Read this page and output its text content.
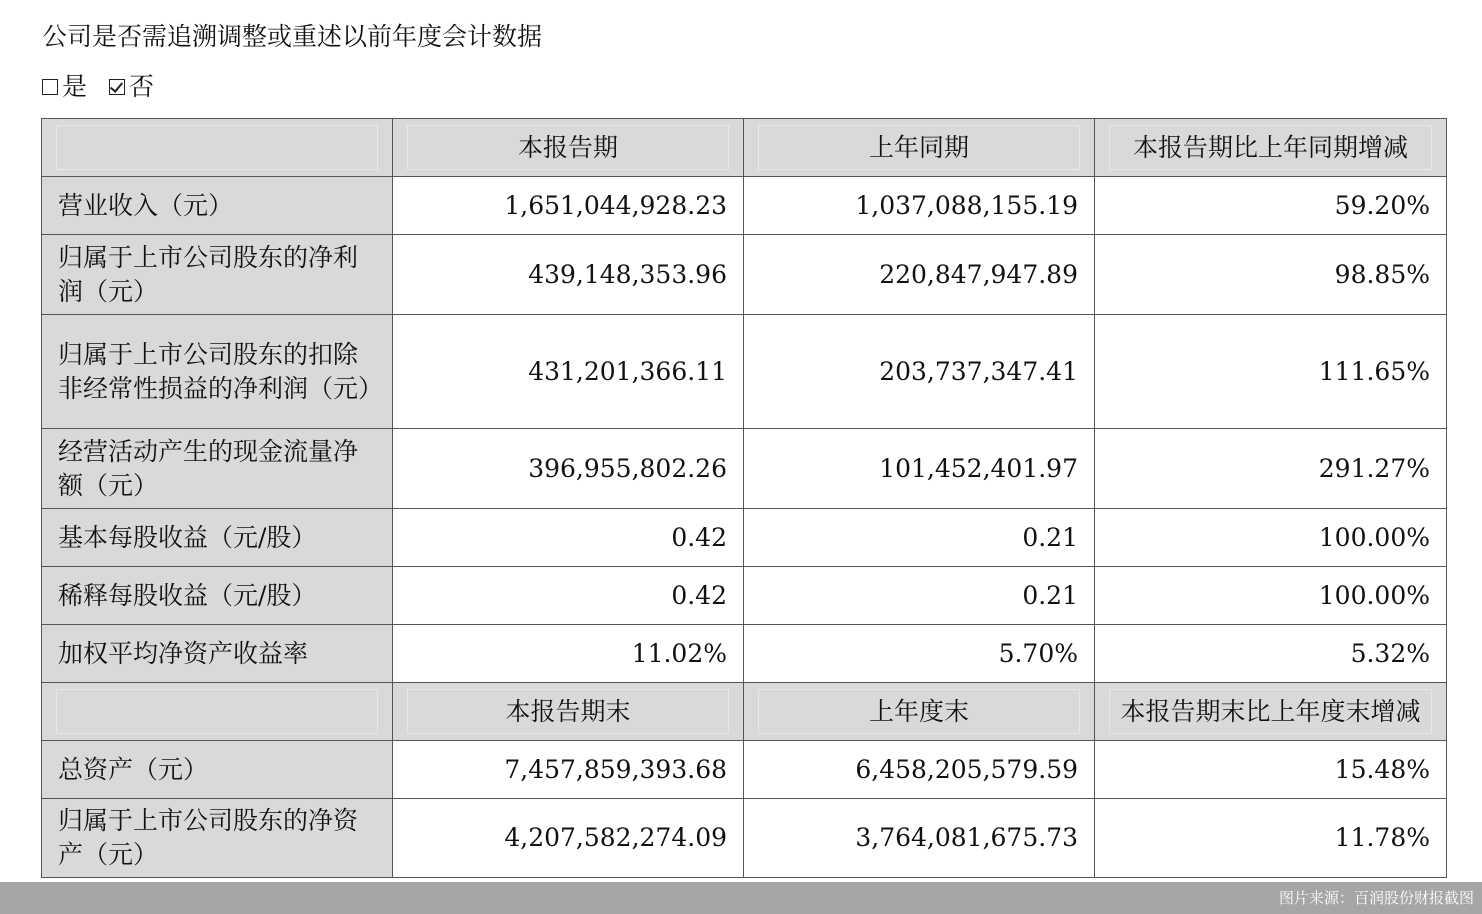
公司是否需追溯调整或重述以前年度会计数据
是 否
	本报告期	上年同期	本报告期比上年同期增减
营业收入（元）	1,651,044,928.23	1,037,088,155.19	59.20%
归属于上市公司股东的净利润（元）	439,148,353.96	220,847,947.89	98.85%
归属于上市公司股东的扣除非经常性损益的净利润（元）	431,201,366.11	203,737,347.41	111.65%
经营活动产生的现金流量净额（元）	396,955,802.26	101,452,401.97	291.27%
基本每股收益（元/股）	0.42	0.21	100.00%
稀释每股收益（元/股）	0.42	0.21	100.00%
加权平均净资产收益率	11.02%	5.70%	5.32%
	本报告期末	上年度末	本报告期末比上年度末增减
总资产（元）	7,457,859,393.68	6,458,205,579.59	15.48%
归属于上市公司股东的净资产（元）	4,207,582,274.09	3,764,081,675.73	11.78%
图片来源：百润股份财报截图
